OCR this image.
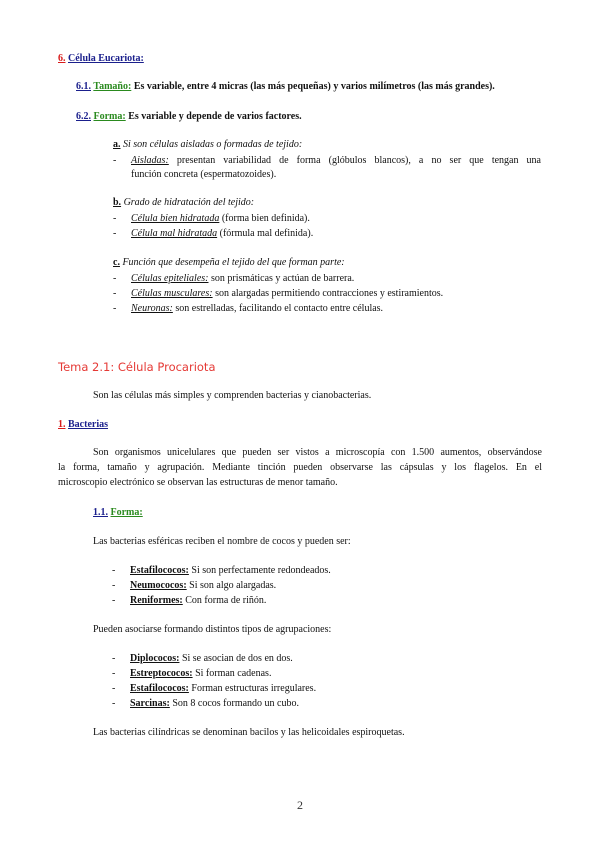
6. Célula Eucariota:
6.1. Tamaño: Es variable, entre 4 micras (las más pequeñas) y varios milímetros (las más grandes).
6.2. Forma: Es variable y depende de varios factores.
a. Si son células aisladas o formadas de tejido:
- Aisladas: presentan variabilidad de forma (glóbulos blancos), a no ser que tengan una
función concreta (espermatozoides).
b. Grado de hidratación del tejido:
- Célula bien hidratada (forma bien definida).
- Célula mal hidratada (fórmula mal definida).
c. Función que desempeña el tejido del que forman parte:
- Células epiteliales: son prismáticas y actúan de barrera.
- Células musculares: son alargadas permitiendo contracciones y estiramientos.
- Neuronas: son estrelladas, facilitando el contacto entre células.
Tema 2.1: Célula Procariota
Son las células más simples y comprenden bacterias y cianobacterias.
1. Bacterias
Son organismos unicelulares que pueden ser vistos a microscopía con 1.500 aumentos, observándose
la forma, tamaño y agrupación. Mediante tinción pueden observarse las cápsulas y los flagelos. En el
microscopio electrónico se observan las estructuras de menor tamaño.
1.1. Forma:
Las bacterias esféricas reciben el nombre de cocos y pueden ser:
- Estafilococos: Si son perfectamente redondeados.
- Neumococos: Si son algo alargadas.
- Reniformes: Con forma de riñón.
Pueden asociarse formando distintos tipos de agrupaciones:
- Diplococos: Si se asocian de dos en dos.
- Estreptococos: Si forman cadenas.
- Estafilococos: Forman estructuras irregulares.
- Sarcinas: Son 8 cocos formando un cubo.
Las bacterias cilíndricas se denominan bacilos y las helicoidales espiroquetas.
2
